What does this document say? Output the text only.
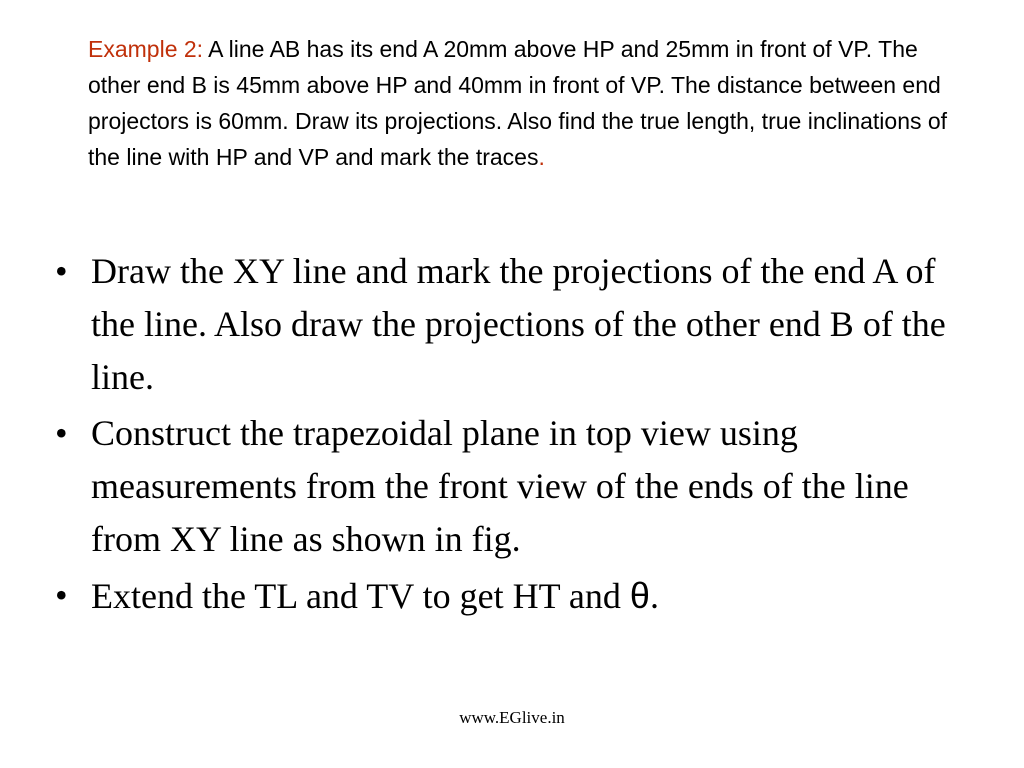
Example 2: A line AB has its end A 20mm above HP and 25mm in front of VP. The other end B is 45mm above HP and 40mm in front of VP. The distance between end projectors is 60mm. Draw its projections. Also find the true length, true inclinations of the line with HP and VP and mark the traces.

• Draw the XY line and mark the projections of the end A of the line. Also draw the projections of the other end B of the line.
• Construct the trapezoidal plane in top view using measurements from the front view of the ends of the line from XY line as shown in fig.
• Extend the TL and TV to get HT and θ.
www.EGlive.in
